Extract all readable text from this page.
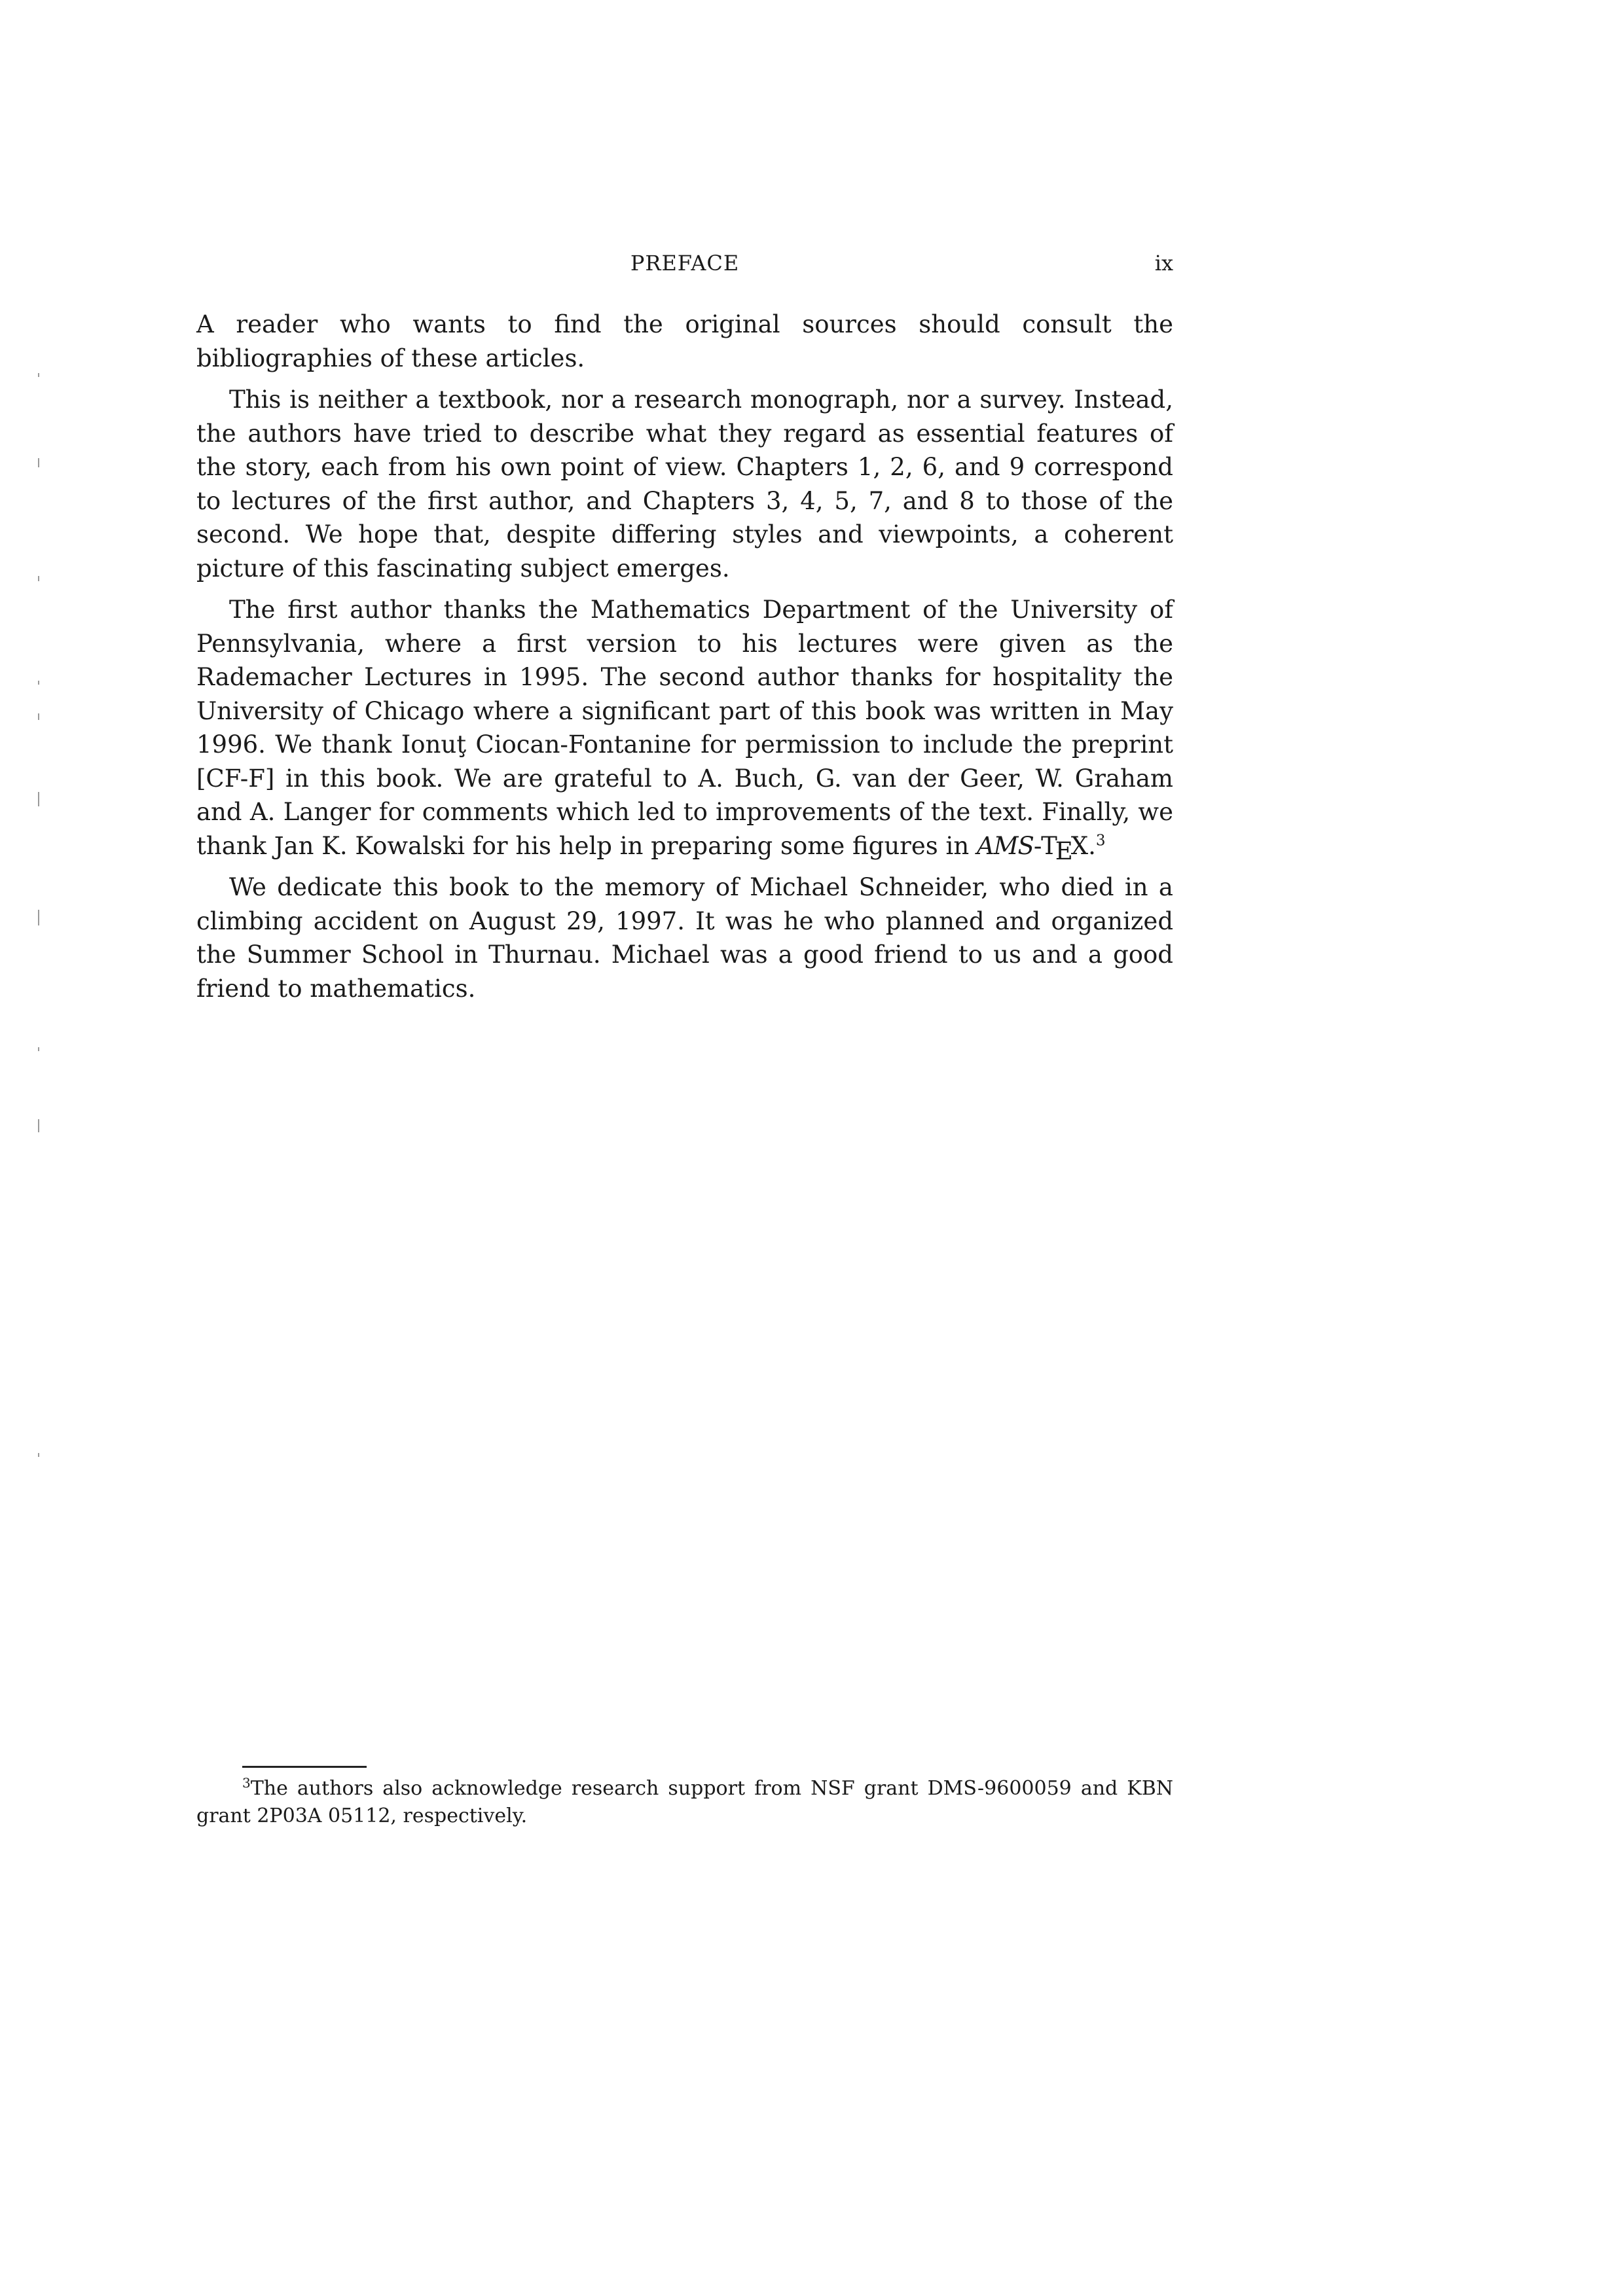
PREFACE	ix

A reader who wants to find the original sources should consult the bibliographies of these articles.

This is neither a textbook, nor a research monograph, nor a survey. Instead, the authors have tried to describe what they regard as essential features of the story, each from his own point of view. Chapters 1, 2, 6, and 9 correspond to lectures of the first author, and Chapters 3, 4, 5, 7, and 8 to those of the second. We hope that, despite differing styles and viewpoints, a coherent picture of this fascinating subject emerges.

The first author thanks the Mathematics Department of the University of Pennsylvania, where a first version to his lectures were given as the Rademacher Lectures in 1995. The second author thanks for hospitality the University of Chicago where a significant part of this book was written in May 1996. We thank Ionuţ Ciocan-Fontanine for permission to include the preprint [CF-F] in this book. We are grateful to A. Buch, G. van der Geer, W. Graham and A. Langer for comments which led to improvements of the text. Finally, we thank Jan K. Kowalski for his help in preparing some figures in AMS-TEX.$^3$

We dedicate this book to the memory of Michael Schneider, who died in a climbing accident on August 29, 1997. It was he who planned and organized the Summer School in Thurnau. Michael was a good friend to us and a good friend to mathematics.

$^3$The authors also acknowledge research support from NSF grant DMS-9600059 and KBN grant 2P03A 05112, respectively.
